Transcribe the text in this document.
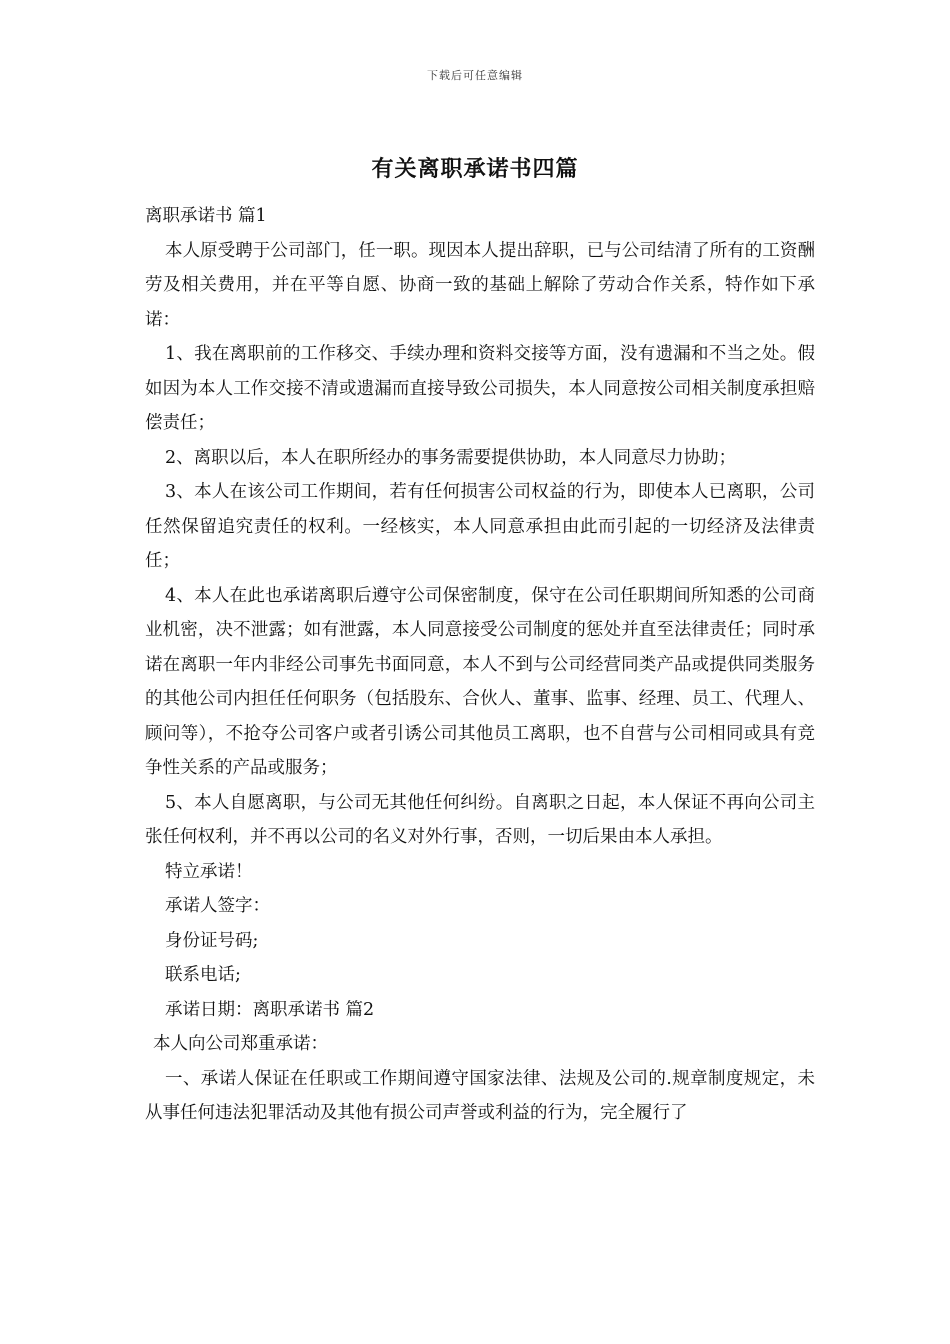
下载后可任意编辑
有关离职承诺书四篇

离职承诺书 篇1

本人原受聘于公司部门，任一职。现因本人提出辞职，已与公司结清了所有的工资酬劳及相关费用，并在平等自愿、协商一致的基础上解除了劳动合作关系，特作如下承诺：

1、我在离职前的工作移交、手续办理和资料交接等方面，没有遗漏和不当之处。假如因为本人工作交接不清或遗漏而直接导致公司损失，本人同意按公司相关制度承担赔偿责任；

2、离职以后，本人在职所经办的事务需要提供协助，本人同意尽力协助；

3、本人在该公司工作期间，若有任何损害公司权益的行为，即使本人已离职，公司任然保留追究责任的权利。一经核实，本人同意承担由此而引起的一切经济及法律责任；

4、本人在此也承诺离职后遵守公司保密制度，保守在公司任职期间所知悉的公司商业机密，决不泄露；如有泄露，本人同意接受公司制度的惩处并直至法律责任；同时承诺在离职一年内非经公司事先书面同意，本人不到与公司经营同类产品或提供同类服务的其他公司内担任任何职务（包括股东、合伙人、董事、监事、经理、员工、代理人、顾问等），不抢夺公司客户或者引诱公司其他员工离职，也不自营与公司相同或具有竞争性关系的产品或服务；

5、本人自愿离职，与公司无其他任何纠纷。自离职之日起，本人保证不再向公司主张任何权利，并不再以公司的名义对外行事，否则，一切后果由本人承担。

特立承诺！

承诺人签字：

身份证号码;

联系电话;

承诺日期：离职承诺书 篇2

本人向公司郑重承诺：

一、承诺人保证在任职或工作期间遵守国家法律、法规及公司的.规章制度规定，未从事任何违法犯罪活动及其他有损公司声誉或利益的行为，完全履行了
